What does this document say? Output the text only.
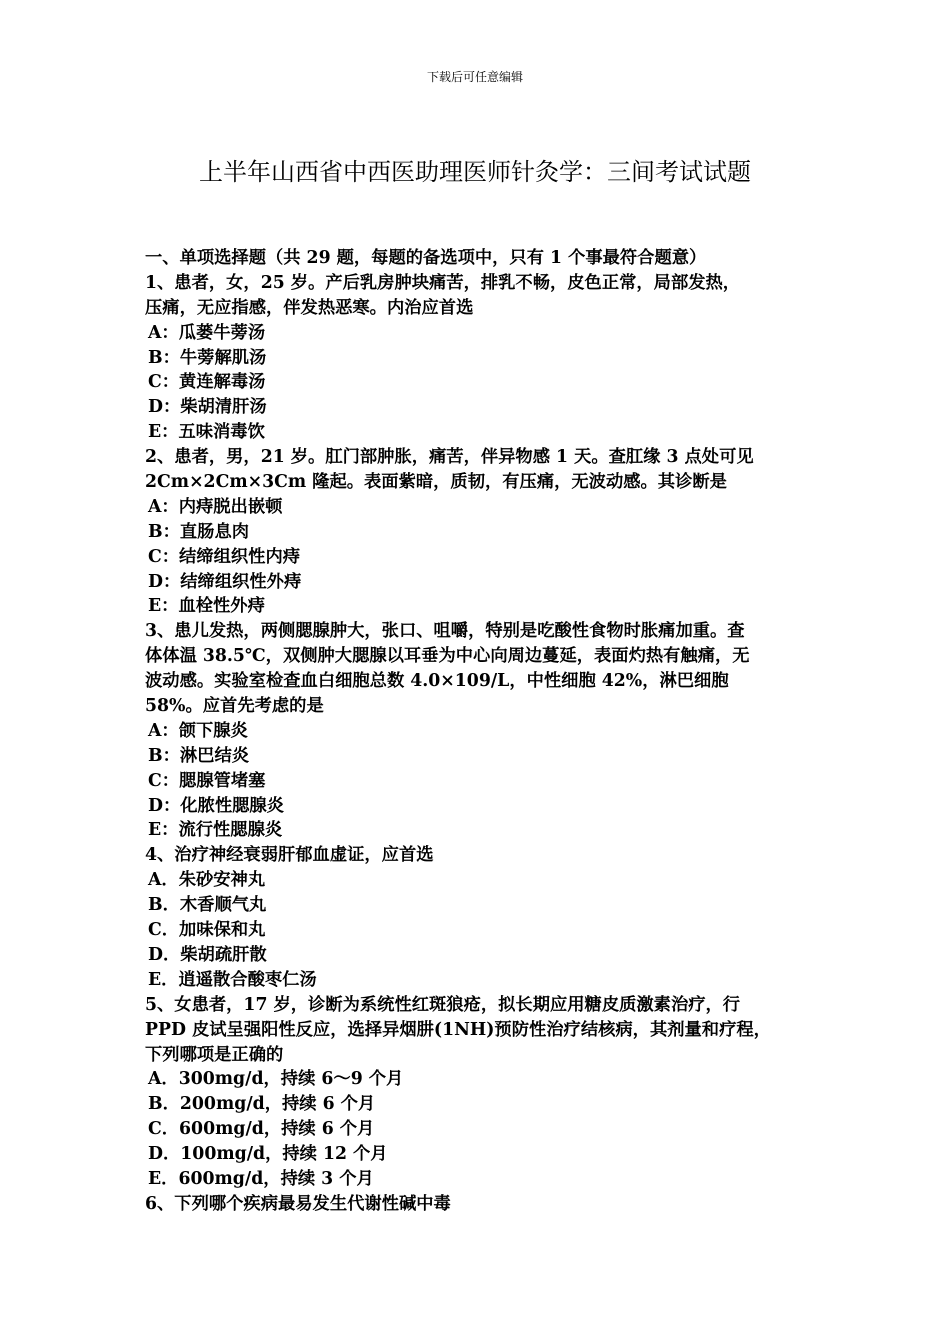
下载后可任意编辑
上半年山西省中西医助理医师针灸学：三间考试试题
一、单项选择题（共 29 题，每题的备选项中，只有 1 个事最符合题意）
1、患者，女，25 岁。产后乳房肿块痛苦，排乳不畅，皮色正常，局部发热，
压痛，无应指感，伴发热恶寒。内治应首选
A：瓜蒌牛蒡汤
B：牛蒡解肌汤
C：黄连解毒汤
D：柴胡清肝汤
E：五味消毒饮
2、患者，男，21 岁。肛门部肿胀，痛苦，伴异物感 1 天。查肛缘 3 点处可见
2Cm×2Cm×3Cm 隆起。表面紫暗，质韧，有压痛，无波动感。其诊断是
A：内痔脱出嵌顿
B：直肠息肉
C：结缔组织性内痔
D：结缔组织性外痔
E：血栓性外痔
3、患儿发热，两侧腮腺肿大，张口、咀嚼，特别是吃酸性食物时胀痛加重。查
体体温 38.5℃，双侧肿大腮腺以耳垂为中心向周边蔓延，表面灼热有触痛，无
波动感。实验室检查血白细胞总数 4.0×109/L，中性细胞 42%，淋巴细胞
58%。应首先考虑的是
A：颌下腺炎
B：淋巴结炎
C：腮腺管堵塞
D：化脓性腮腺炎
E：流行性腮腺炎
4、治疗神经衰弱肝郁血虚证，应首选
A．朱砂安神丸
B．木香顺气丸
C．加味保和丸
D．柴胡疏肝散
E．逍遥散合酸枣仁汤
5、女患者，17 岁，诊断为系统性红斑狼疮，拟长期应用糖皮质激素治疗，行
PPD 皮试呈强阳性反应，选择异烟肼(1NH)预防性治疗结核病，其剂量和疗程，
下列哪项是正确的
A．300mg/d，持续 6～9 个月
B．200mg/d，持续 6 个月
C．600mg/d，持续 6 个月
D．100mg/d，持续 12 个月
E．600mg/d，持续 3 个月
6、下列哪个疾病最易发生代谢性碱中毒
